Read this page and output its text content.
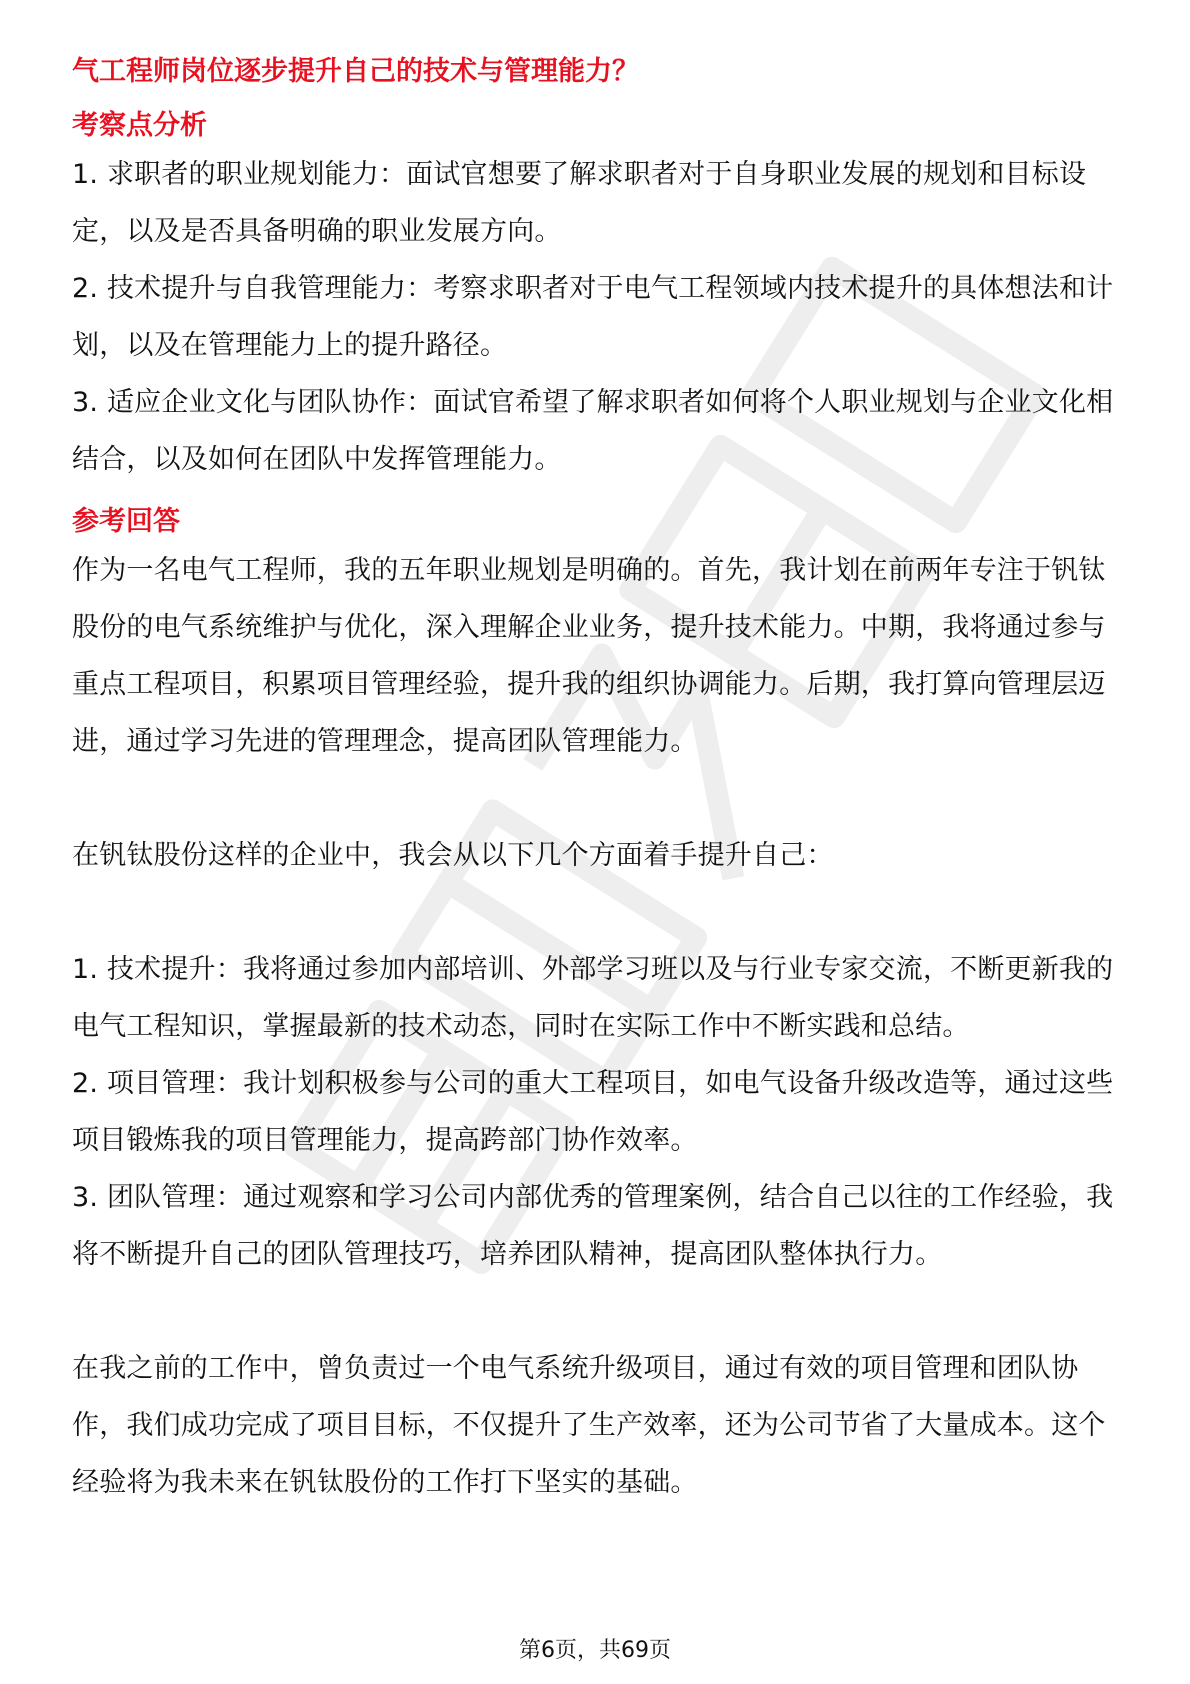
气工程师岗位逐步提升自己的技术与管理能力？
考察点分析

1. 求职者的职业规划能力：面试官想要了解求职者对于自身职业发展的规划和目标设定，以及是否具备明确的职业发展方向。

2. 技术提升与自我管理能力：考察求职者对于电气工程领域内技术提升的具体想法和计划，以及在管理能力上的提升路径。

3. 适应企业文化与团队协作：面试官希望了解求职者如何将个人职业规划与企业文化相结合，以及如何在团队中发挥管理能力。

参考回答

作为一名电气工程师，我的五年职业规划是明确的。首先，我计划在前两年专注于钒钛股份的电气系统维护与优化，深入理解企业业务，提升技术能力。中期，我将通过参与重点工程项目，积累项目管理经验，提升我的组织协调能力。后期，我打算向管理层迈进，通过学习先进的管理理念，提高团队管理能力。

在钒钛股份这样的企业中，我会从以下几个方面着手提升自己：

1. 技术提升：我将通过参加内部培训、外部学习班以及与行业专家交流，不断更新我的电气工程知识，掌握最新的技术动态，同时在实际工作中不断实践和总结。

2. 项目管理：我计划积极参与公司的重大工程项目，如电气设备升级改造等，通过这些项目锻炼我的项目管理能力，提高跨部门协作效率。

3. 团队管理：通过观察和学习公司内部优秀的管理案例，结合自己以往的工作经验，我将不断提升自己的团队管理技巧，培养团队精神，提高团队整体执行力。

在我之前的工作中，曾负责过一个电气系统升级项目，通过有效的项目管理和团队协作，我们成功完成了项目目标，不仅提升了生产效率，还为公司节省了大量成本。这个经验将为我未来在钒钛股份的工作打下坚实的基础。

第6页，共69页
